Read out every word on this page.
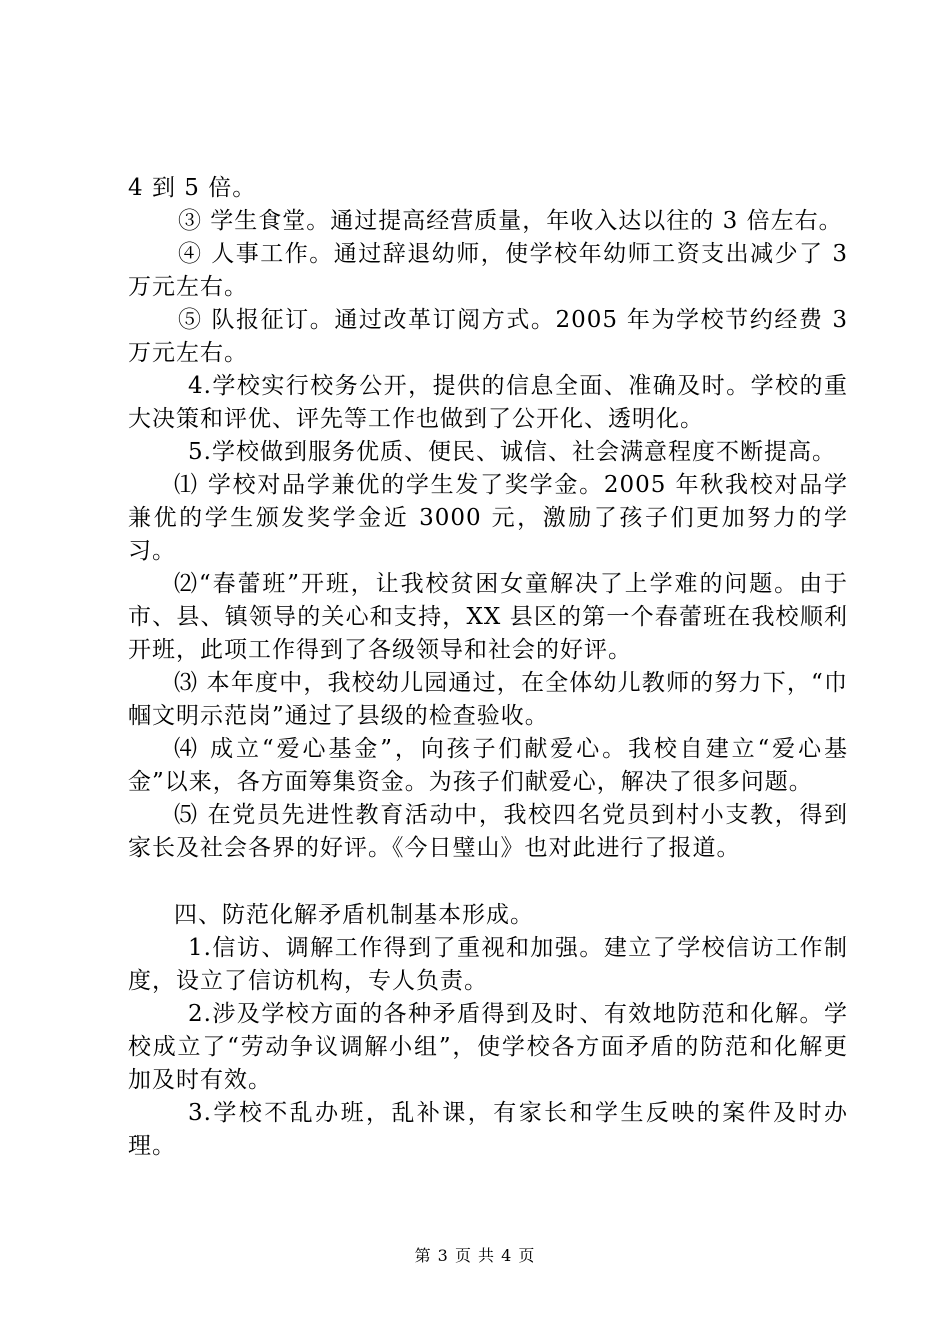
4 到 5 倍。

③ 学生食堂。通过提高经营质量，年收入达以往的 3 倍左右。

④ 人事工作。通过辞退幼师，使学校年幼师工资支出减少了 3 万元左右。

⑤ 队报征订。通过改革订阅方式。2005 年为学校节约经费 3 万元左右。

4.学校实行校务公开，提供的信息全面、准确及时。学校的重大决策和评优、评先等工作也做到了公开化、透明化。

5.学校做到服务优质、便民、诚信、社会满意程度不断提高。

⑴ 学校对品学兼优的学生发了奖学金。2005 年秋我校对品学兼优的学生颁发奖学金近 3000 元，激励了孩子们更加努力的学习。

⑵“春蕾班”开班，让我校贫困女童解决了上学难的问题。由于市、县、镇领导的关心和支持，XX 县区的第一个春蕾班在我校顺利开班，此项工作得到了各级领导和社会的好评。

⑶ 本年度中，我校幼儿园通过，在全体幼儿教师的努力下，“巾帼文明示范岗”通过了县级的检查验收。

⑷ 成立“爱心基金”，向孩子们献爱心。我校自建立“爱心基金”以来，各方面筹集资金。为孩子们献爱心，解决了很多问题。

⑸ 在党员先进性教育活动中，我校四名党员到村小支教，得到家长及社会各界的好评。《今日璧山》也对此进行了报道。

四、防范化解矛盾机制基本形成。

1.信访、调解工作得到了重视和加强。建立了学校信访工作制度，设立了信访机构，专人负责。

2.涉及学校方面的各种矛盾得到及时、有效地防范和化解。学校成立了“劳动争议调解小组”，使学校各方面矛盾的防范和化解更加及时有效。

3.学校不乱办班，乱补课，有家长和学生反映的案件及时办理。

第 3 页 共 4 页
